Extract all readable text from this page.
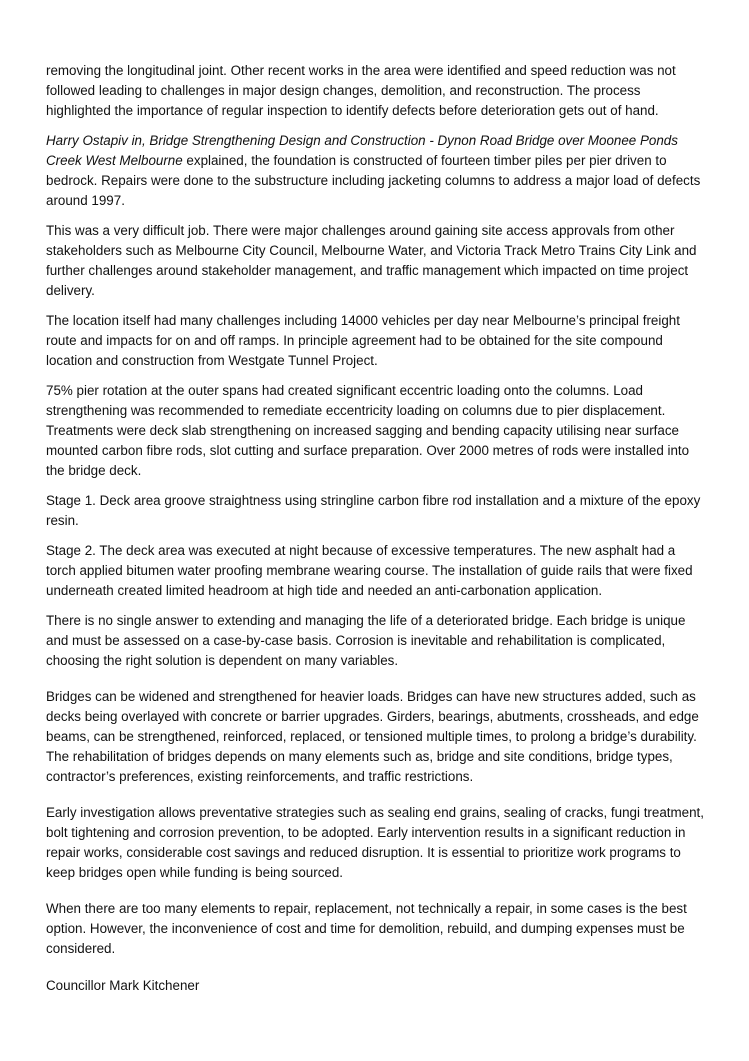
removing the longitudinal joint. Other recent works in the area were identified and speed reduction was not followed leading to challenges in major design changes, demolition, and reconstruction. The process highlighted the importance of regular inspection to identify defects before deterioration gets out of hand.

Harry Ostapiv in, Bridge Strengthening Design and Construction - Dynon Road Bridge over Moonee Ponds Creek West Melbourne explained, the foundation is constructed of fourteen timber piles per pier driven to bedrock. Repairs were done to the substructure including jacketing columns to address a major load of defects around 1997.

This was a very difficult job. There were major challenges around gaining site access approvals from other stakeholders such as Melbourne City Council, Melbourne Water, and Victoria Track Metro Trains City Link and further challenges around stakeholder management, and traffic management which impacted on time project delivery.

The location itself had many challenges including 14000 vehicles per day near Melbourne’s principal freight route and impacts for on and off ramps. In principle agreement had to be obtained for the site compound location and construction from Westgate Tunnel Project.

75% pier rotation at the outer spans had created significant eccentric loading onto the columns. Load strengthening was recommended to remediate eccentricity loading on columns due to pier displacement. Treatments were deck slab strengthening on increased sagging and bending capacity utilising near surface mounted carbon fibre rods, slot cutting and surface preparation. Over 2000 metres of rods were installed into the bridge deck.

Stage 1. Deck area groove straightness using stringline carbon fibre rod installation and a mixture of the epoxy resin.

Stage 2. The deck area was executed at night because of excessive temperatures. The new asphalt had a torch applied bitumen water proofing membrane wearing course. The installation of guide rails that were fixed underneath created limited headroom at high tide and needed an anti-carbonation application.

There is no single answer to extending and managing the life of a deteriorated bridge. Each bridge is unique and must be assessed on a case-by-case basis. Corrosion is inevitable and rehabilitation is complicated, choosing the right solution is dependent on many variables.

Bridges can be widened and strengthened for heavier loads. Bridges can have new structures added, such as decks being overlayed with concrete or barrier upgrades. Girders, bearings, abutments, crossheads, and edge beams, can be strengthened, reinforced, replaced, or tensioned multiple times, to prolong a bridge’s durability. The rehabilitation of bridges depends on many elements such as, bridge and site conditions, bridge types, contractor’s preferences, existing reinforcements, and traffic restrictions.

Early investigation allows preventative strategies such as sealing end grains, sealing of cracks, fungi treatment, bolt tightening and corrosion prevention, to be adopted. Early intervention results in a significant reduction in repair works, considerable cost savings and reduced disruption. It is essential to prioritize work programs to keep bridges open while funding is being sourced.

When there are too many elements to repair, replacement, not technically a repair, in some cases is the best option. However, the inconvenience of cost and time for demolition, rebuild, and dumping expenses must be considered.

Councillor Mark Kitchener
